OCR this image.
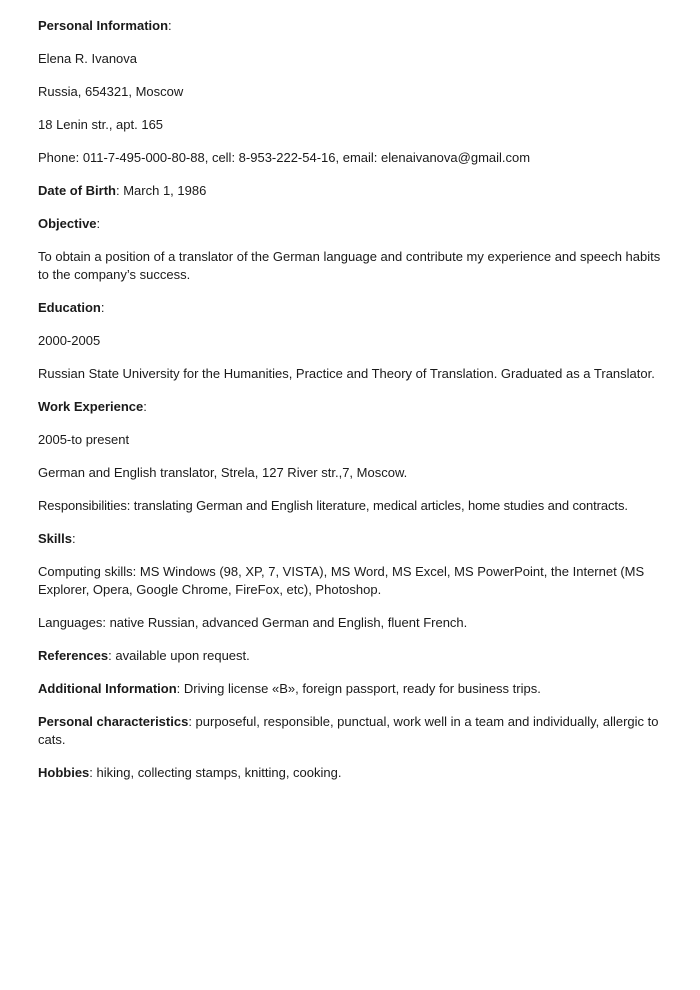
Personal Information:
Elena R. Ivanova
Russia, 654321, Moscow
18 Lenin str., apt. 165
Phone: 011-7-495-000-80-88, cell: 8-953-222-54-16, email: elenaivanova@gmail.com
Date of Birth: March 1, 1986
Objective:
To obtain a position of a translator of the German language and contribute my experience and speech habits to the company’s success.
Education:
2000-2005
Russian State University for the Humanities, Practice and Theory of Translation. Graduated as a Translator.
Work Experience:
2005-to present
German and English translator, Strela, 127 River str.,7, Moscow.
Responsibilities: translating German and English literature, medical articles, home studies and contracts.
Skills:
Computing skills: MS Windows (98, XP, 7, VISTA), MS Word, MS Excel, MS PowerPoint, the Internet (MS Explorer, Opera, Google Chrome, FireFox, etc), Photoshop.
Languages: native Russian, advanced German and English, fluent French.
References: available upon request.
Additional Information: Driving license «B», foreign passport, ready for business trips.
Personal characteristics: purposeful, responsible, punctual, work well in a team and individually, allergic to cats.
Hobbies: hiking, collecting stamps, knitting, cooking.
